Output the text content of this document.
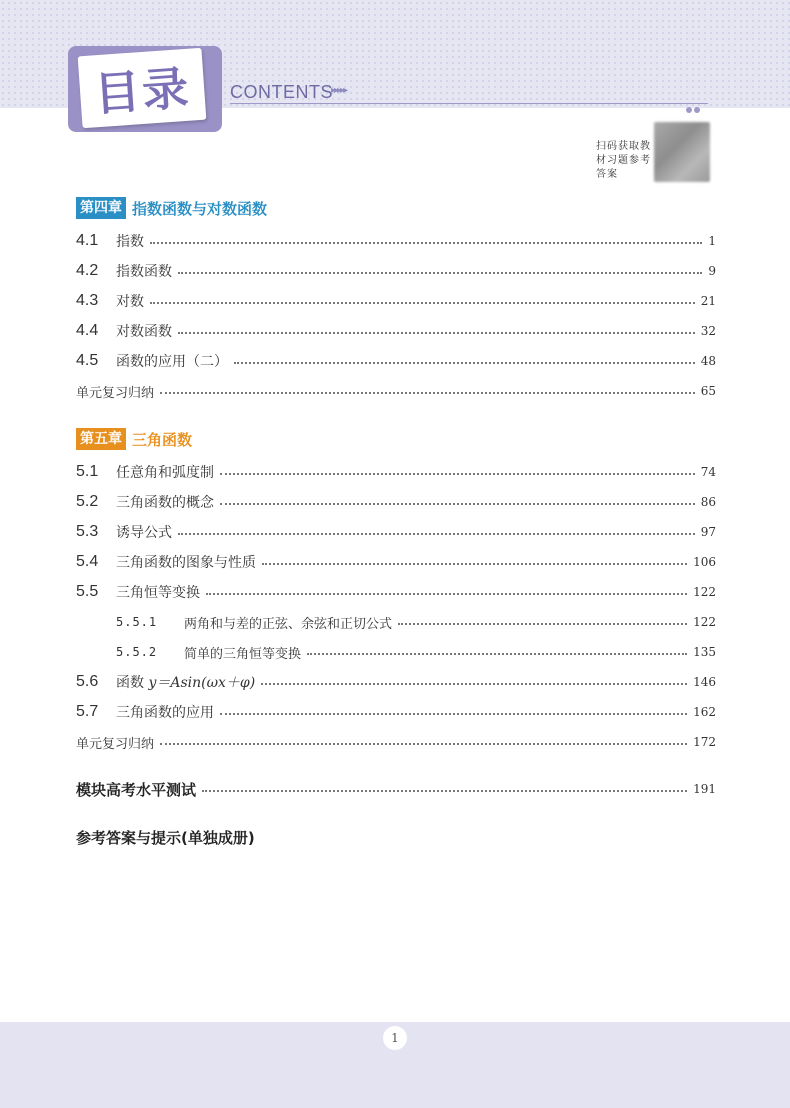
目录	CONTENTS
▸▸▸▸▸
扫码获取教材习题参考答案
第四章 指数函数与对数函数
4.1	指数	1
4.2	指数函数	9
4.3	对数	21
4.4	对数函数	32
4.5	函数的应用（二）	48
单元复习归纳	65
第五章 三角函数
5.1	任意角和弧度制	74
5.2	三角函数的概念	86
5.3	诱导公式	97
5.4	三角函数的图象与性质	106
5.5	三角恒等变换	122
5.5.1	两角和与差的正弦、余弦和正切公式	122
5.5.2	简单的三角恒等变换	135
5.6	函数 y＝Asin(ωx＋φ)	146
5.7	三角函数的应用	162
单元复习归纳	172
模块高考水平测试	191
参考答案与提示(单独成册)
1
